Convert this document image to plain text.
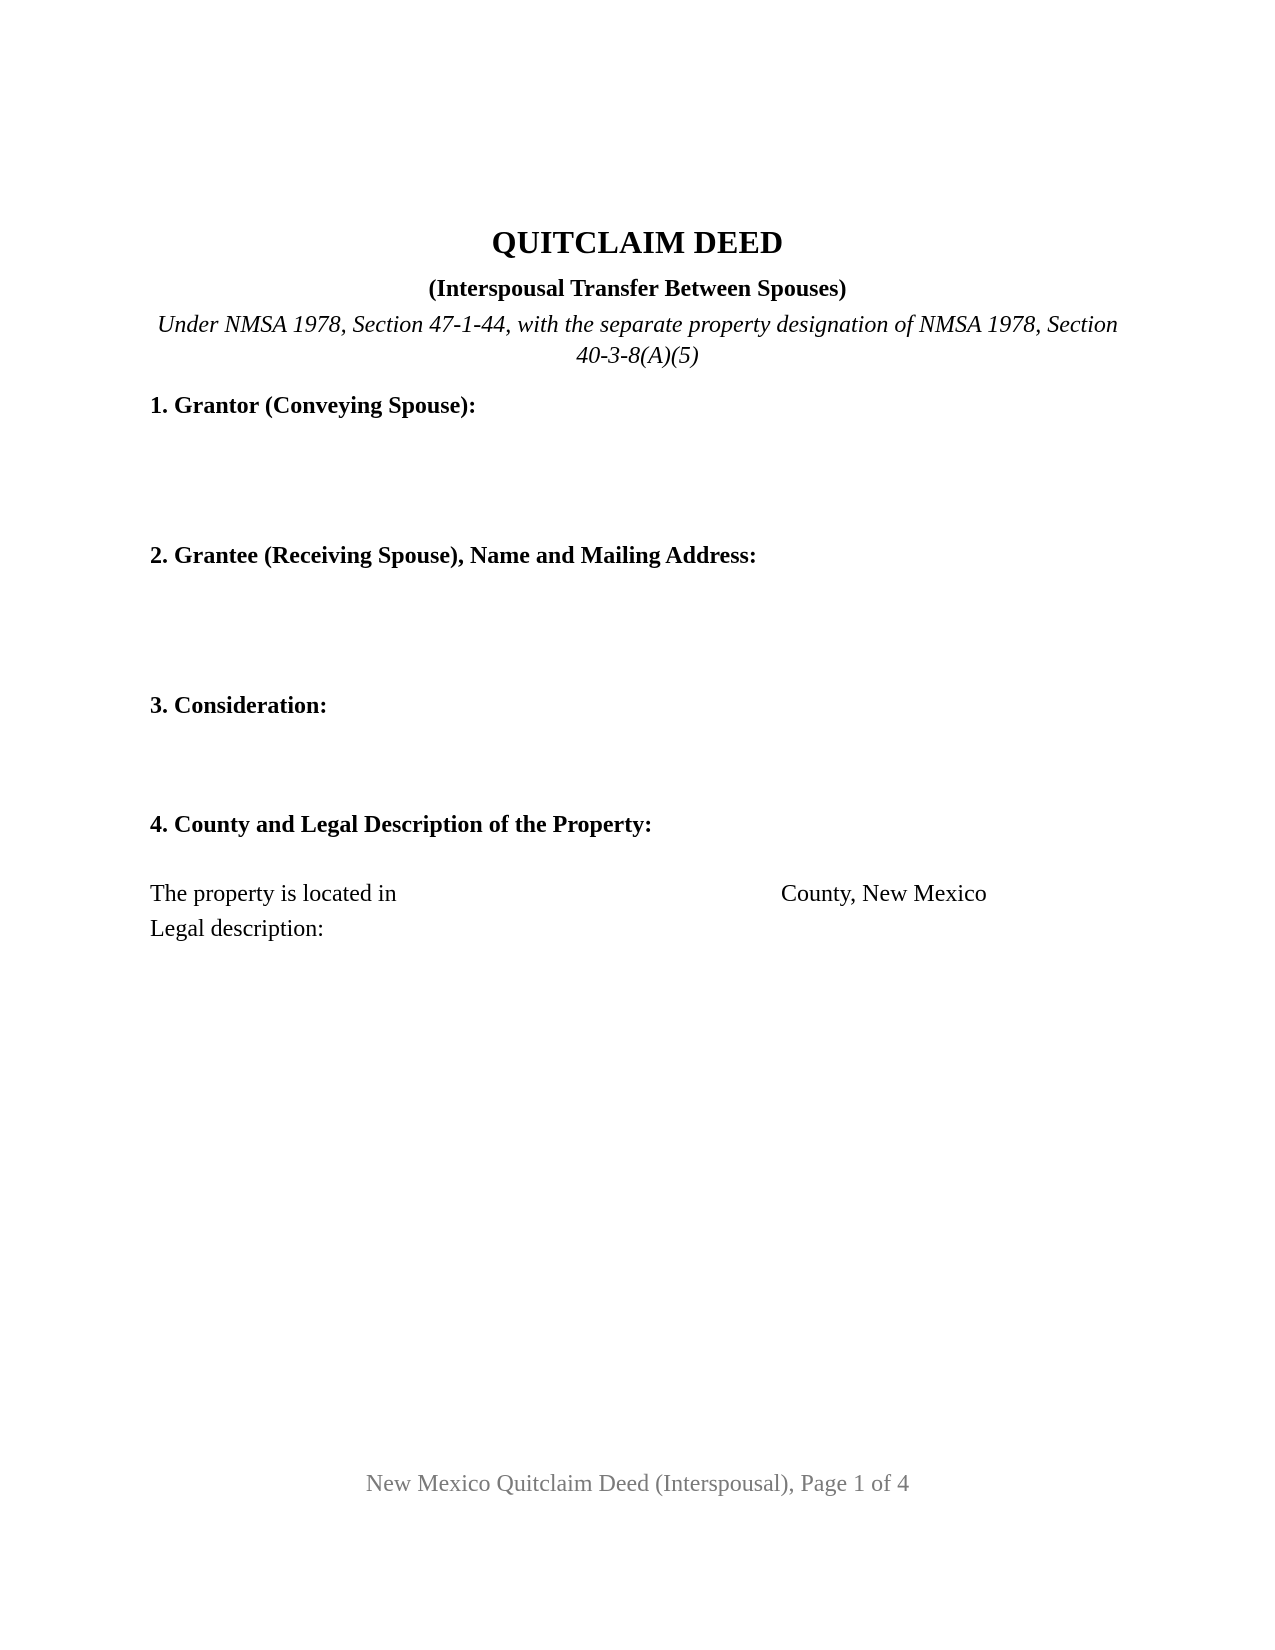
QUITCLAIM DEED
(Interspousal Transfer Between Spouses)
Under NMSA 1978, Section 47-1-44, with the separate property designation of NMSA 1978, Section 40-3-8(A)(5)
1. Grantor (Conveying Spouse):
2. Grantee (Receiving Spouse), Name and Mailing Address:
3. Consideration:
4. County and Legal Description of the Property:
The property is located in	County, New Mexico
Legal description:
New Mexico Quitclaim Deed (Interspousal), Page 1 of 4
